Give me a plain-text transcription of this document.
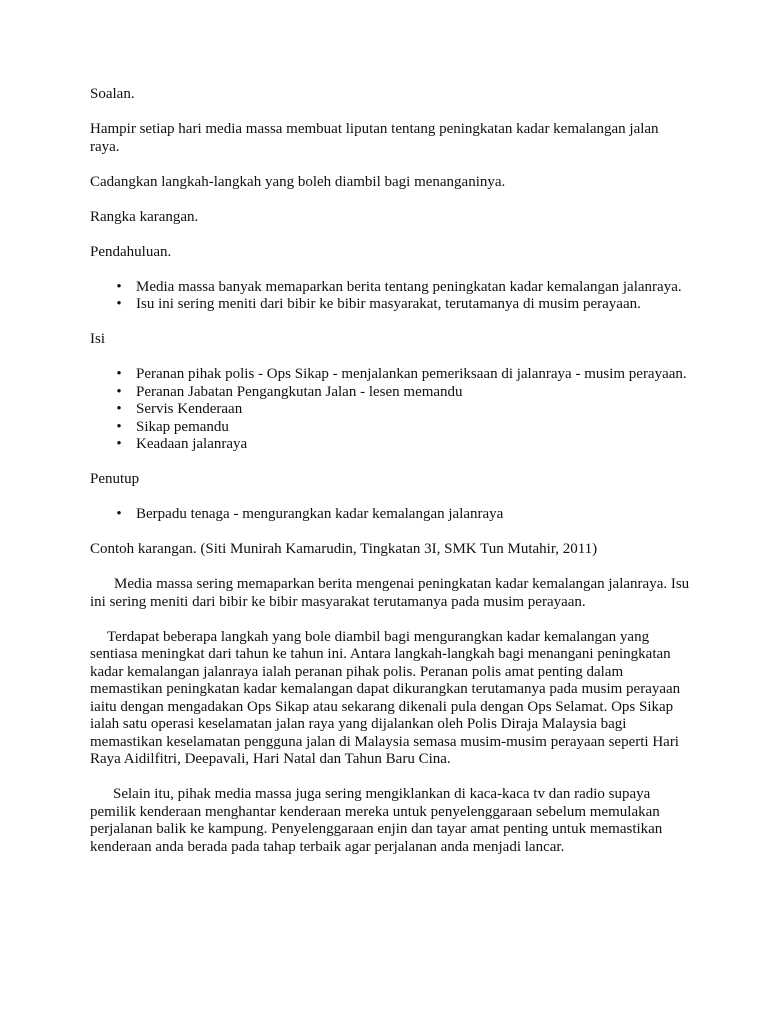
Soalan.

Hampir setiap hari media massa membuat liputan tentang peningkatan kadar kemalangan jalan raya.

Cadangkan langkah-langkah yang boleh diambil bagi menanganinya.

Rangka karangan.

Pendahuluan.

• Media massa banyak memaparkan berita tentang peningkatan kadar kemalangan jalanraya.
• Isu ini sering meniti dari bibir ke bibir masyarakat, terutamanya di musim perayaan.

Isi

• Peranan pihak polis - Ops Sikap - menjalankan pemeriksaan di jalanraya - musim perayaan.
• Peranan Jabatan Pengangkutan Jalan - lesen memandu
• Servis Kenderaan
• Sikap pemandu
• Keadaan jalanraya

Penutup

• Berpadu tenaga - mengurangkan kadar kemalangan jalanraya

Contoh karangan. (Siti Munirah Kamarudin, Tingkatan 3I, SMK Tun Mutahir, 2011)

Media massa sering memaparkan berita mengenai peningkatan kadar kemalangan jalanraya. Isu ini sering meniti dari bibir ke bibir masyarakat terutamanya pada musim perayaan.

Terdapat beberapa langkah yang bole diambil bagi mengurangkan kadar kemalangan yang sentiasa meningkat dari tahun ke tahun ini. Antara langkah-langkah bagi menangani peningkatan kadar kemalangan jalanraya ialah peranan pihak polis. Peranan polis amat penting dalam memastikan peningkatan kadar kemalangan dapat dikurangkan terutamanya pada musim perayaan iaitu dengan mengadakan Ops Sikap atau sekarang dikenali pula dengan Ops Selamat. Ops Sikap ialah satu operasi keselamatan jalan raya yang dijalankan oleh Polis Diraja Malaysia bagi memastikan keselamatan pengguna jalan di Malaysia semasa musim-musim perayaan seperti Hari Raya Aidilfitri, Deepavali, Hari Natal dan Tahun Baru Cina.

Selain itu, pihak media massa juga sering mengiklankan di kaca-kaca tv dan radio supaya pemilik kenderaan menghantar kenderaan mereka untuk penyelenggaraan sebelum memulakan perjalanan balik ke kampung. Penyelenggaraan enjin dan tayar amat penting untuk memastikan kenderaan anda berada pada tahap terbaik agar perjalanan anda menjadi lancar.
